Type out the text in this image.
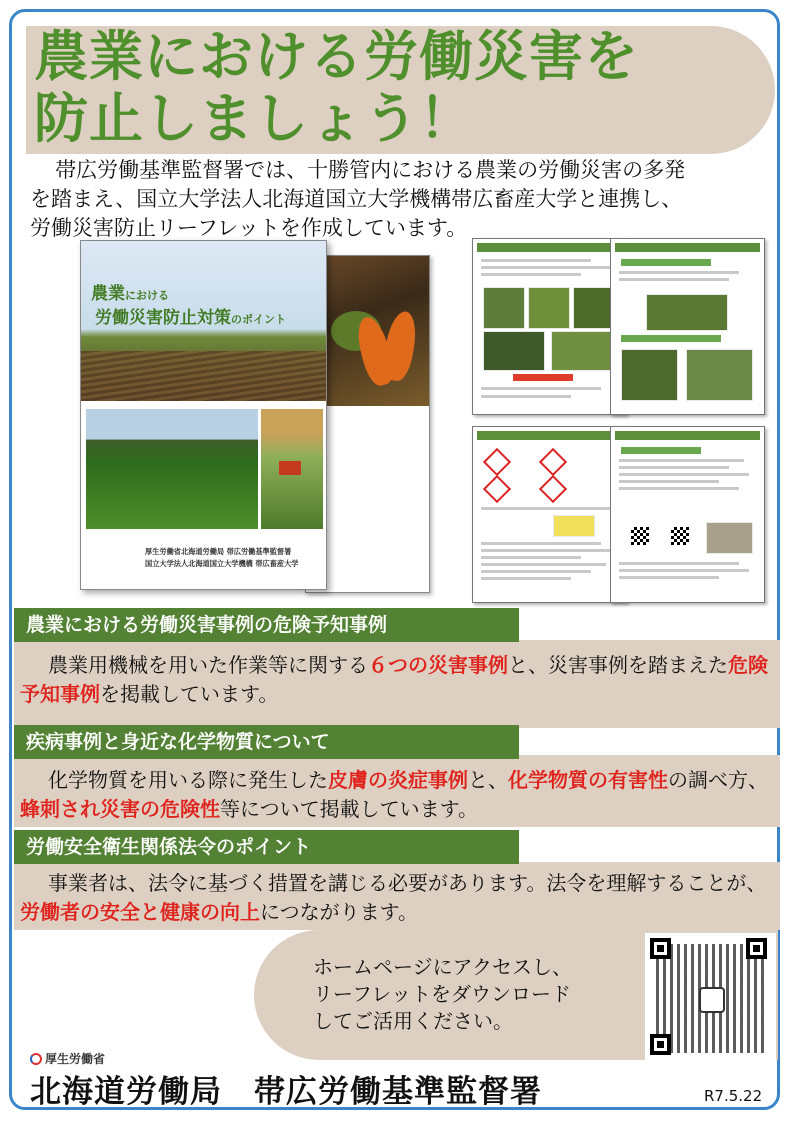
農業における労働災害を
防止しましょう！

帯広労働基準監督署では、十勝管内における農業の労働災害の多発

を踏まえ、国立大学法人北海道国立大学機構帯広畜産大学と連携し、
労働災害防止リーフレットを作成しています。
農業における
労働災害防止対策のポイント
厚生労働省北海道労働局 帯広労働基準監督署
国立大学法人北海道国立大学機構 帯広畜産大学
農業における労働災害事例の危険予知事例

農業用機械を用いた作業等に関する６つの災害事例と、災害事例を踏まえた危険予知事例を掲載しています。

疾病事例と身近な化学物質について

化学物質を用いる際に発生した皮膚の炎症事例と、化学物質の有害性の調べ方、蜂刺され災害の危険性等について掲載しています。

労働安全衛生関係法令のポイント

事業者は、法令に基づく措置を講じる必要があります。法令を理解することが、労働者の安全と健康の向上につながります。

ホームページにアクセスし、
リーフレットをダウンロード
してご活用ください。
厚生労働省
北海道労働局　帯広労働基準監督署	R7.5.22
